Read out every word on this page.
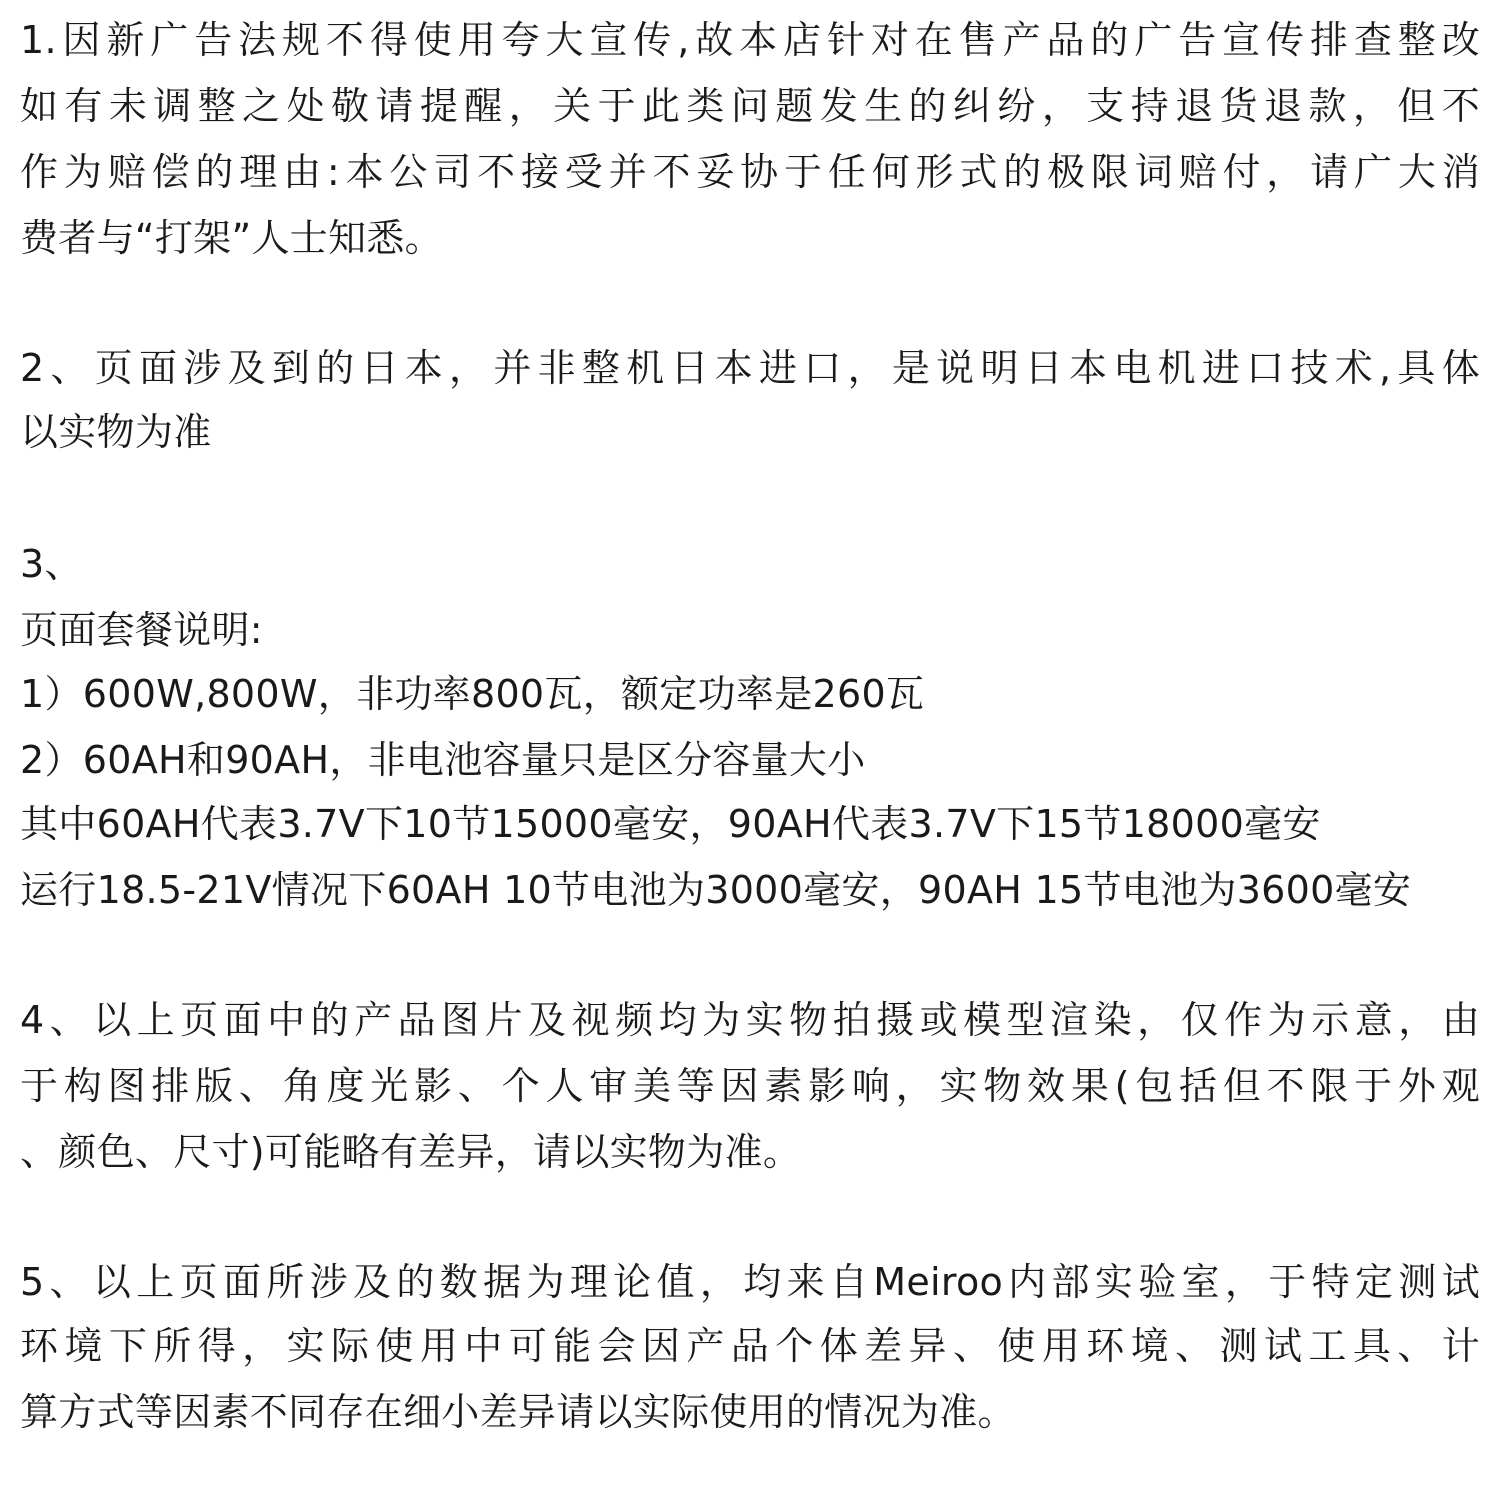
1.因新广告法规不得使用夸大宣传,故本店针对在售产品的广告宣传排查整改
如有未调整之处敬请提醒，关于此类问题发生的纠纷，支持退货退款，但不
作为赔偿的理由:本公司不接受并不妥协于任何形式的极限词赔付，请广大消
费者与“打架”人士知悉。
2、页面涉及到的日本，并非整机日本进口，是说明日本电机进口技术,具体
以实物为准
3、
页面套餐说明:
1）600W,800W，非功率800瓦，额定功率是260瓦
2）60AH和90AH，非电池容量只是区分容量大小
其中60AH代表3.7V下10节15000毫安，90AH代表3.7V下15节18000毫安
运行18.5-21V情况下60AH 10节电池为3000毫安，90AH 15节电池为3600毫安
4、以上页面中的产品图片及视频均为实物拍摄或模型渲染，仅作为示意，由
于构图排版、角度光影、个人审美等因素影响，实物效果(包括但不限于外观
、颜色、尺寸)可能略有差异，请以实物为准。
5、以上页面所涉及的数据为理论值，均来自Meiroo内部实验室，于特定测试
环境下所得，实际使用中可能会因产品个体差异、使用环境、测试工具、计
算方式等因素不同存在细小差异请以实际使用的情况为准。
